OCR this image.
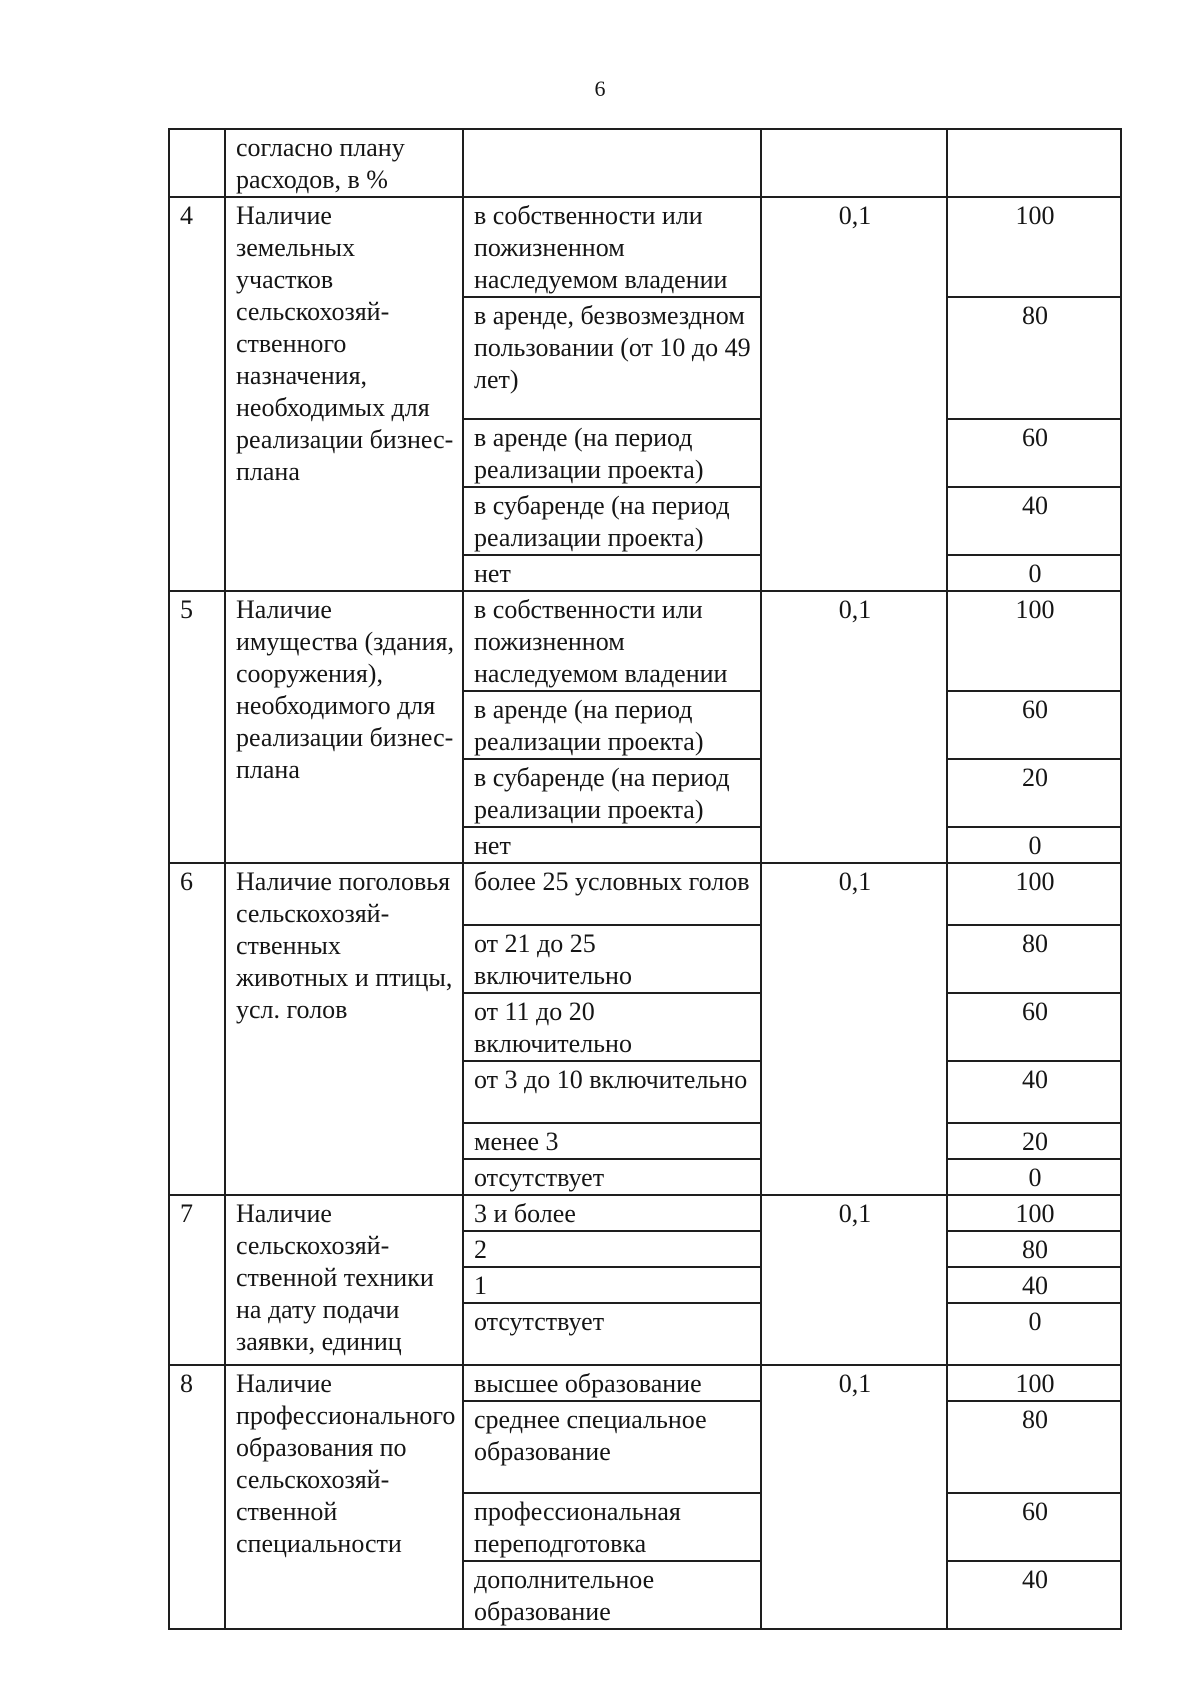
6
	согласно плану расходов, в %			
4	Наличие земельных участков сельскохозяй-ственного назначения, необходимых для реализации бизнес-плана	в собственности или пожизненном наследуемом владении	0,1	100
		в аренде, безвозмездном пользовании (от 10 до 49 лет)		80
		в аренде (на период реализации проекта)		60
		в субаренде (на период реализации проекта)		40
		нет		0
5	Наличие имущества (здания, сооружения), необходимого для реализации бизнес-плана	в собственности или пожизненном наследуемом владении	0,1	100
		в аренде (на период реализации проекта)		60
		в субаренде (на период реализации проекта)		20
		нет		0
6	Наличие поголовья сельскохозяй-ственных животных и птицы, усл. голов	более 25 условных голов	0,1	100
		от 21 до 25 включительно		80
		от 11 до 20 включительно		60
		от 3 до 10 включительно		40
		менее 3		20
		отсутствует		0
7	Наличие сельскохозяй-ственной техники на дату подачи заявки, единиц	3 и более	0,1	100
		2		80
		1		40
		отсутствует		0
8	Наличие профессионального образования по сельскохозяй-ственной специальности	высшее образование	0,1	100
		среднее специальное образование		80
		профессиональная переподготовка		60
		дополнительное образование		40
